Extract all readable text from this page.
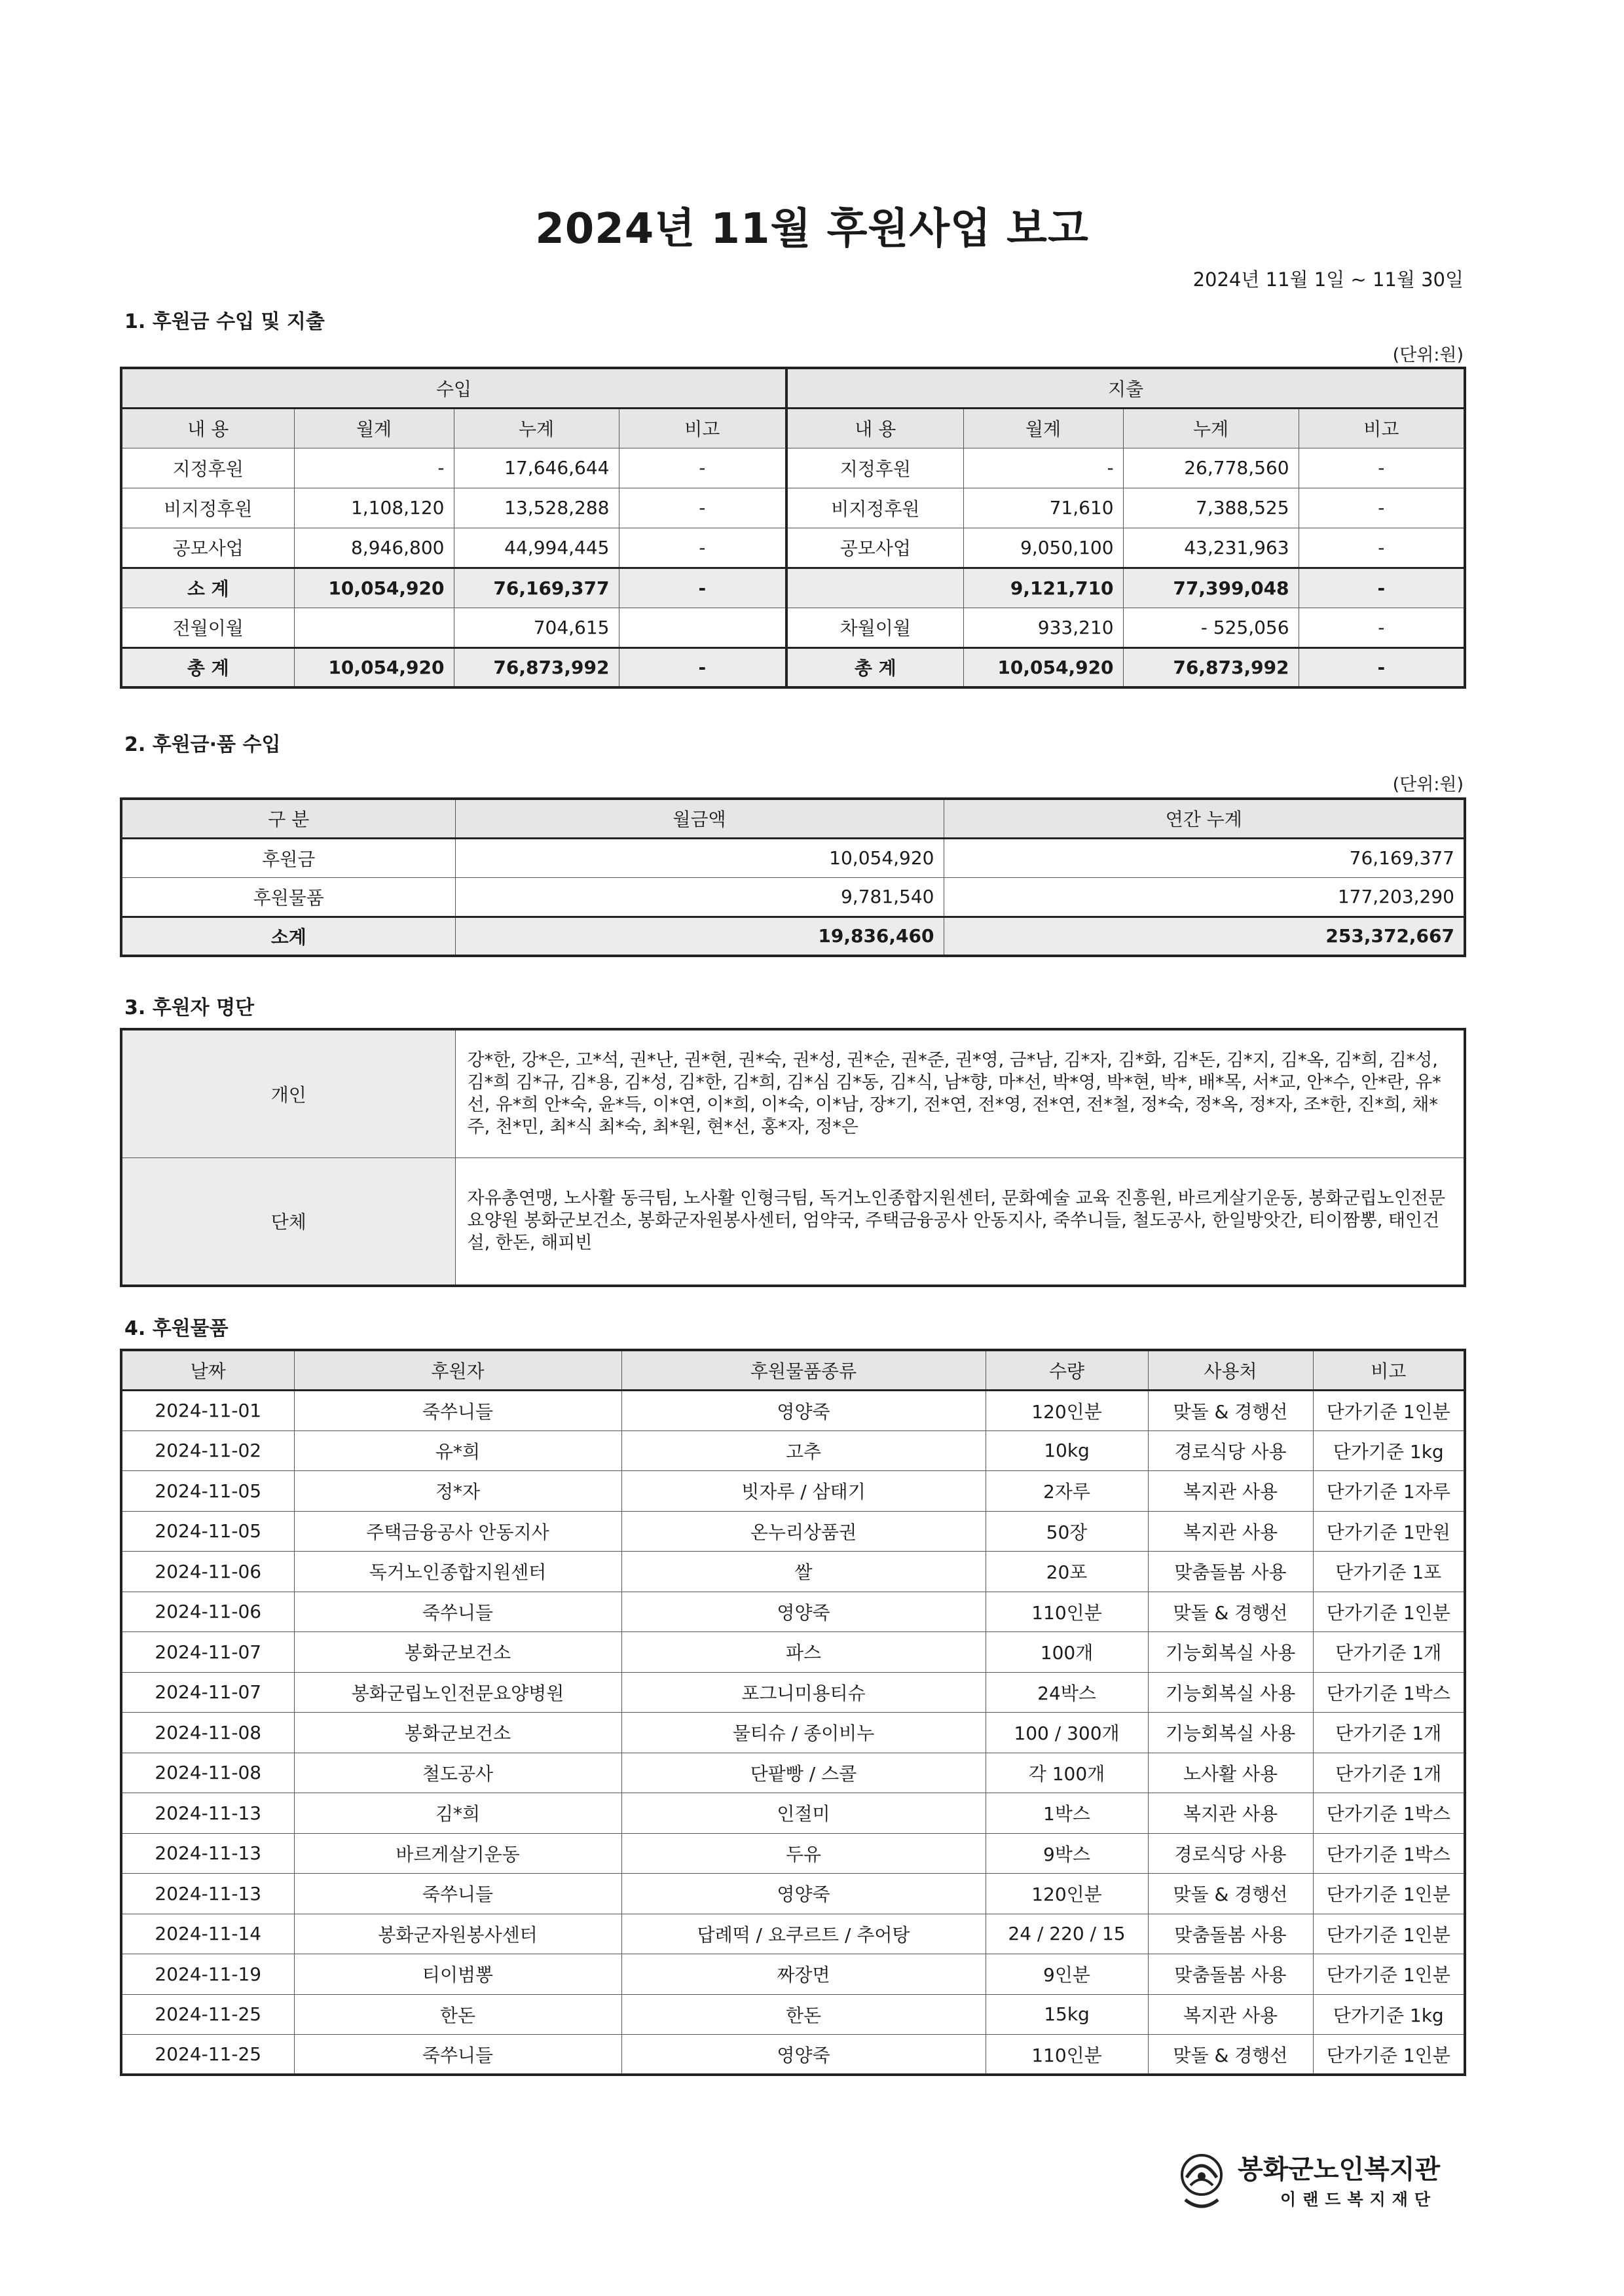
2024년 11월 후원사업 보고
2024년 11월 1일 ~ 11월 30일
1. 후원금 수입 및 지출
(단위:원)
수입				지출			
내 용	월계	누계	비고	내 용	월계	누계	비고
지정후원	-	17,646,644	-	지정후원	-	26,778,560	-
비지정후원	1,108,120	13,528,288	-	비지정후원	71,610	7,388,525	-
공모사업	8,946,800	44,994,445	-	공모사업	9,050,100	43,231,963	-
소 계	10,054,920	76,169,377	-		9,121,710	77,399,048	-
전월이월		704,615		차월이월	933,210	- 525,056	-
총 계	10,054,920	76,873,992	-	총 계	10,054,920	76,873,992	-
2. 후원금·품 수입
(단위:원)
구 분	월금액	연간 누계
후원금	10,054,920	76,169,377
후원물품	9,781,540	177,203,290
소계	19,836,460	253,372,667
3. 후원자 명단
개인	강*한, 강*은, 고*석, 권*난, 권*현, 권*숙, 권*성, 권*순, 권*준, 권*영, 금*남, 김*자, 김*화, 김*돈, 김*지, 김*옥, 김*희, 김*성, 김*희 김*규, 김*용, 김*성, 김*한, 김*희, 김*심 김*동, 김*식, 남*향, 마*선, 박*영, 박*현, 박*, 배*목, 서*교, 안*수, 안*란, 유*선, 유*희 안*숙, 윤*득, 이*연, 이*희, 이*숙, 이*남, 장*기, 전*연, 전*영, 전*연, 전*철, 정*숙, 정*옥, 정*자, 조*한, 진*희, 채*주, 천*민, 최*식 최*숙, 최*원, 현*선, 홍*자, 정*은
단체	자유총연맹, 노사활 동극팀, 노사활 인형극팀, 독거노인종합지원센터, 문화예술 교육 진흥원, 바르게살기운동, 봉화군립노인전문요양원 봉화군보건소, 봉화군자원봉사센터, 엄약국, 주택금융공사 안동지사, 죽쑤니들, 철도공사, 한일방앗간, 티이짬뽕, 태인건설, 한돈, 해피빈
4. 후원물품
날짜	후원자	후원물품종류	수량	사용처	비고
2024-11-01	죽쑤니들	영양죽	120인분	맞돌 & 경행선	단가기준 1인분
2024-11-02	유*희	고추	10kg	경로식당 사용	단가기준 1kg
2024-11-05	정*자	빗자루 / 삼태기	2자루	복지관 사용	단가기준 1자루
2024-11-05	주택금융공사 안동지사	온누리상품권	50장	복지관 사용	단가기준 1만원
2024-11-06	독거노인종합지원센터	쌀	20포	맞춤돌봄 사용	단가기준 1포
2024-11-06	죽쑤니들	영양죽	110인분	맞돌 & 경행선	단가기준 1인분
2024-11-07	봉화군보건소	파스	100개	기능회복실 사용	단가기준 1개
2024-11-07	봉화군립노인전문요양병원	포그니미용티슈	24박스	기능회복실 사용	단가기준 1박스
2024-11-08	봉화군보건소	물티슈 / 종이비누	100 / 300개	기능회복실 사용	단가기준 1개
2024-11-08	철도공사	단팥빵 / 스콜	각 100개	노사활 사용	단가기준 1개
2024-11-13	김*희	인절미	1박스	복지관 사용	단가기준 1박스
2024-11-13	바르게살기운동	두유	9박스	경로식당 사용	단가기준 1박스
2024-11-13	죽쑤니들	영양죽	120인분	맞돌 & 경행선	단가기준 1인분
2024-11-14	봉화군자원봉사센터	답례떡 / 요쿠르트 / 추어탕	24 / 220 / 15	맞춤돌봄 사용	단가기준 1인분
2024-11-19	티이범뽕	짜장면	9인분	맞춤돌봄 사용	단가기준 1인분
2024-11-25	한돈	한돈	15kg	복지관 사용	단가기준 1kg
2024-11-25	죽쑤니들	영양죽	110인분	맞돌 & 경행선	단가기준 1인분
봉화군노인복지관
이랜드복지재단
